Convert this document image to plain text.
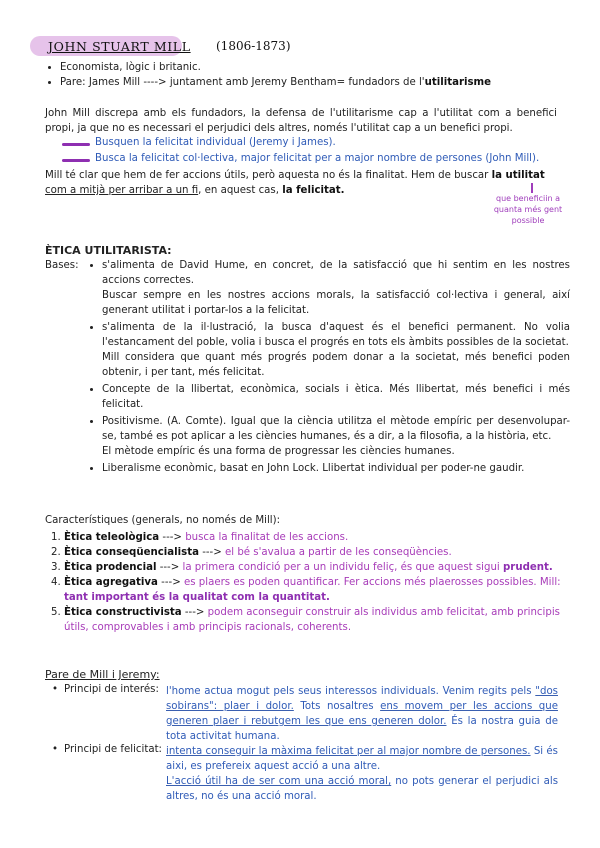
JOHN STUART MILL (1806-1873)
• Economista, lògic i britanic.
• Pare: James Mill ----> juntament amb Jeremy Bentham= fundadors de l'utilitarisme
John Mill discrepa amb els fundadors, la defensa de l'utilitarisme cap a l'utilitat com a benefici propi, ja que no es necessari el perjudici dels altres, només l'utilitat cap a un benefici propi.
Busquen la felicitat individual (Jeremy i James).
Busca la felicitat col·lectiva, major felicitat per a major nombre de persones (John Mill).
Mill té clar que hem de fer accions útils, però aquesta no és la finalitat. Hem de buscar la utilitat
com a mitjà per arribar a un fi, en aquest cas, la felicitat.
que beneficiin a quanta més gent possible
ÈTICA UTILITARISTA:
Bases:
• s'alimenta de David Hume, en concret, de la satisfacció que hi sentim en les nostres accions correctes.
Buscar sempre en les nostres accions morals, la satisfacció col·lectiva i general, així generant utilitat i portar-los a la felicitat.
• s'alimenta de la il·lustració, la busca d'aquest és el benefici permanent. No volia l'estancament del poble, volia i busca el progrés en tots els àmbits possibles de la societat.
Mill considera que quant més progrés podem donar a la societat, més benefici poden obtenir, i per tant, més felicitat.
• Concepte de la llibertat, econòmica, socials i ètica. Més llibertat, més benefici i més felicitat.
• Positivisme. (A. Comte). Igual que la ciència utilitza el mètode empíric per desenvolupar-se, també es pot aplicar a les ciències humanes, és a dir, a la filosofia, a la història, etc.
El mètode empíric és una forma de progressar les ciències humanes.
• Liberalisme econòmic, basat en John Lock. Llibertat individual per poder-ne gaudir.
Característiques (generals, no només de Mill):
1. Ètica teleològica ---> busca la finalitat de les accions.
2. Ètica conseqüencialista ---> el bé s'avalua a partir de les conseqüències.
3. Ètica prodencial ---> la primera condició per a un individu feliç, és que aquest sigui prudent.
4. Ètica agregativa ---> es plaers es poden quantificar. Fer accions més plaerosses possibles. Mill: tant important és la qualitat com la quantitat.
5. Ètica constructivista ---> podem aconseguir construir als individus amb felicitat, amb principis útils, comprovables i amb principis racionals, coherents.
Pare de Mill i Jeremy:
Principi de interés: l'home actua mogut pels seus interessos individuals. Venim regits pels "dos sobirans": plaer i dolor. Tots nosaltres ens movem per les accions que generen plaer i rebutgem les que ens generen dolor. És la nostra guia de tota activitat humana.
Principi de felicitat: intenta conseguir la màxima felicitat per al major nombre de persones. Si és aixi, es prefereix aquest acció a una altre.
L'acció útil ha de ser com una acció moral, no pots generar el perjudici als altres, no és una acció moral.
